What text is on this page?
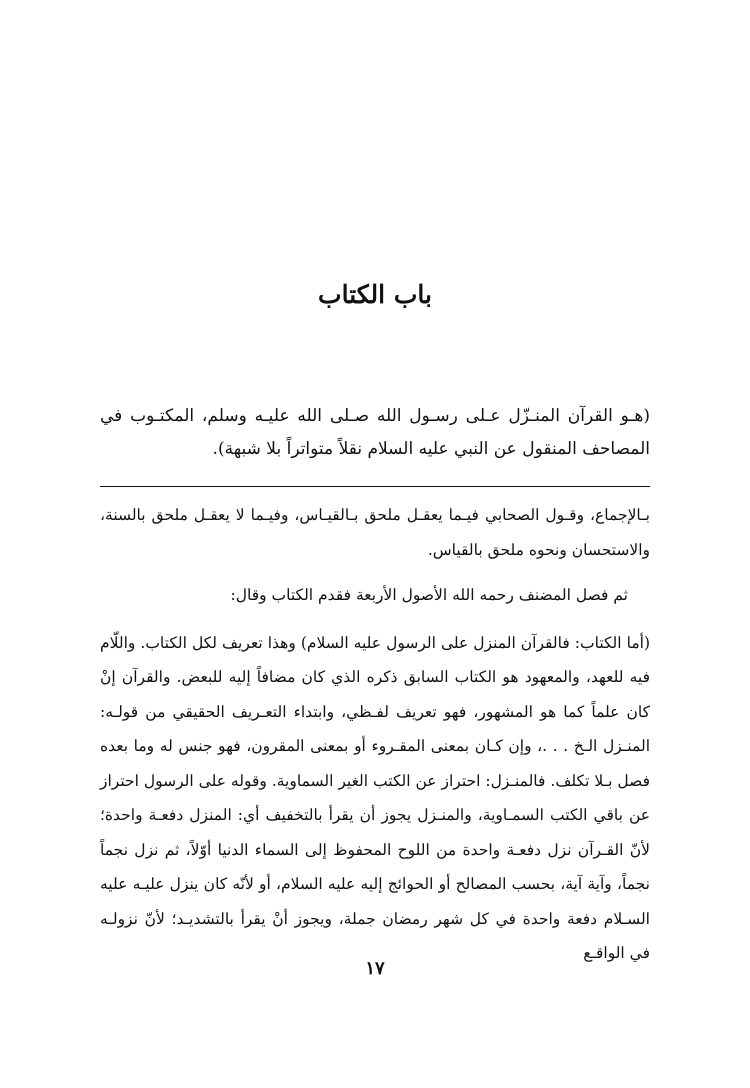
باب الكتاب

(هـو القرآن المنـزّل عـلى رسـول الله صـلى الله عليـه وسلم، المكتـوب في المصاحف المنقول عن النبي عليه السلام نقلاً متواتراً بلا شبهة).

بـالإجماع، وقـول الصحابي فيـما يعقـل ملحق بـالقيـاس، وفيـما لا يعقـل ملحق بالسنة، والاستحسان ونحوه ملحق بالقياس.

ثم فصل المضنف رحمه الله الأصول الأربعة فقدم الكتاب وقال:

(أما الكتاب: فالقرآن المنزل على الرسول عليه السلام) وهذا تعريف لكل الكتاب. واللّام فيه للعهد، والمعهود هو الكتاب السابق ذكره الذي كان مضافاً إليه للبعض. والقرآن إنْ كان علماً كما هو المشهور، فهو تعريف لفـظي، وابتداء التعـريف الحقيقي من قولـه: المنـزل الـخ . . .، وإن كـان بمعنى المقـروء أو بمعنى المقرون، فهو جنس له وما بعده فصل بـلا تكلف. فالمنـزل: احتراز عن الكتب الغير السماوية. وقوله على الرسول احتراز عن باقي الكتب السمـاوية، والمنـزل يجوز أن يقرأ بالتخفيف أي: المنزل دفعـة واحدة؛ لأنّ القـرآن نزل دفعـة واحدة من اللوح المحفوظ إلى السماء الدنيا أوّلاً، ثم نزل نجماً نجماً، وآية آية، بحسب المصالح أو الحوائج إليه عليه السلام، أو لأنّه كان ينزل عليـه عليه السـلام دفعة واحدة في كل شهر رمضان جملة، ويجوز أنْ يقرأ بالتشديـد؛ لأنّ نزولـه في الواقـع

١٧
